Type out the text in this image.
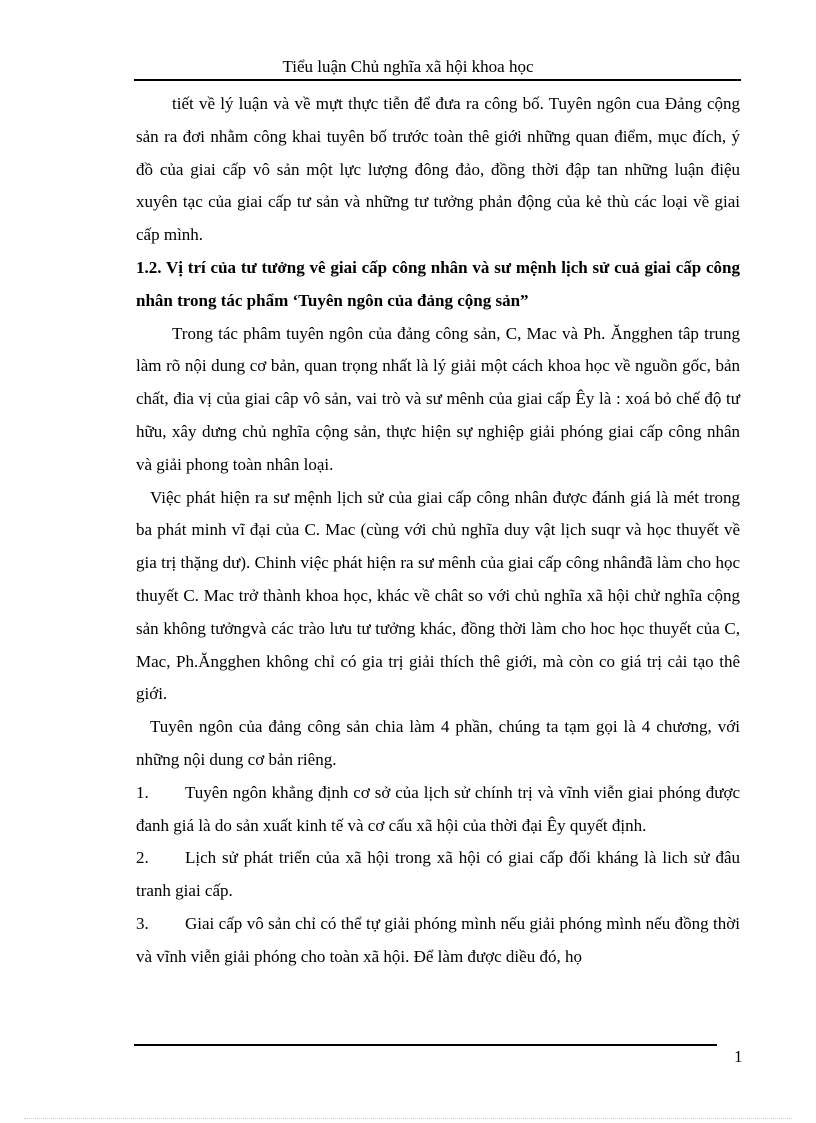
Tiểu luận Chủ nghĩa xã hội khoa học

tiết về lý luận và về mựt thực tiễn để đưa ra công bố. Tuyên ngôn cua Đảng cộng sản ra đơi nhằm công khai tuyên bố trước toàn thê giới những quan điểm, mục đích, ý đồ của giai cấp vô sản một lực lượng đông đảo, đồng thời đập tan những luận điệu xuyên tạc của giai cấp tư sản và những tư tưởng phản động của kẻ thù các loại về giai cấp mình.

1.2. Vị trí của tư tưởng vê giai cấp công nhân và sư mệnh lịch sử cuả giai cấp công nhân trong tác phẩm ‘Tuyên ngôn của đảng cộng sản”

Trong tác phâm tuyên ngôn của đảng công sản, C, Mac và Ph. Ăngghen tâp trung làm rõ nội dung cơ bản, quan trọng nhất là lý giải một cách khoa học về nguồn gốc, bản chất, đia vị của giai câp vô sản, vai trò và sư mênh của giai cấp Êy là : xoá bỏ chế độ tư hữu, xây dưng chủ nghĩa cộng sản, thực hiện sự nghiệp giải phóng giai cấp công nhân và giải phong toàn nhân loại.

Việc phát hiện ra sư mệnh lịch sử của giai cấp công nhân được đánh giá là mét trong ba phát minh vĩ đại của C. Mac (cùng với chủ nghĩa duy vật lịch suqr và học thuyết về gia trị thặng dư). Chinh việc phát hiện ra sư mênh của giai cấp công nhânđã làm cho học thuyết C. Mac trở thành khoa học, khác về chât so với chủ nghĩa xã hội chử nghĩa cộng sản không tưởngvà các trào lưu tư tưởng khác, đồng thời làm cho hoc học thuyết của C, Mac, Ph.Ăngghen không chỉ có gia trị giải thích thê giới, mà còn co giá trị cải tạo thê giới.

Tuyên ngôn của đảng công sản chia làm 4 phần, chúng ta tạm gọi là 4 chương, với những nội dung cơ bản riêng.

1. Tuyên ngôn khẳng định cơ sở của lịch sử chính trị và vĩnh viễn giai phóng được đanh giá là do sản xuất kinh tế và cơ cấu xã hội của thời đại Êy quyết định.

2. Lịch sử phát triển của xã hội trong xã hội có giai cấp đối kháng là lich sử đâu tranh giai cấp.

3. Giai cấp vô sản chỉ có thể tự giải phóng mình nếu giải phóng mình nếu đồng thời và vĩnh viễn giải phóng cho toàn xã hội. Để làm được diều đó, họ

1
